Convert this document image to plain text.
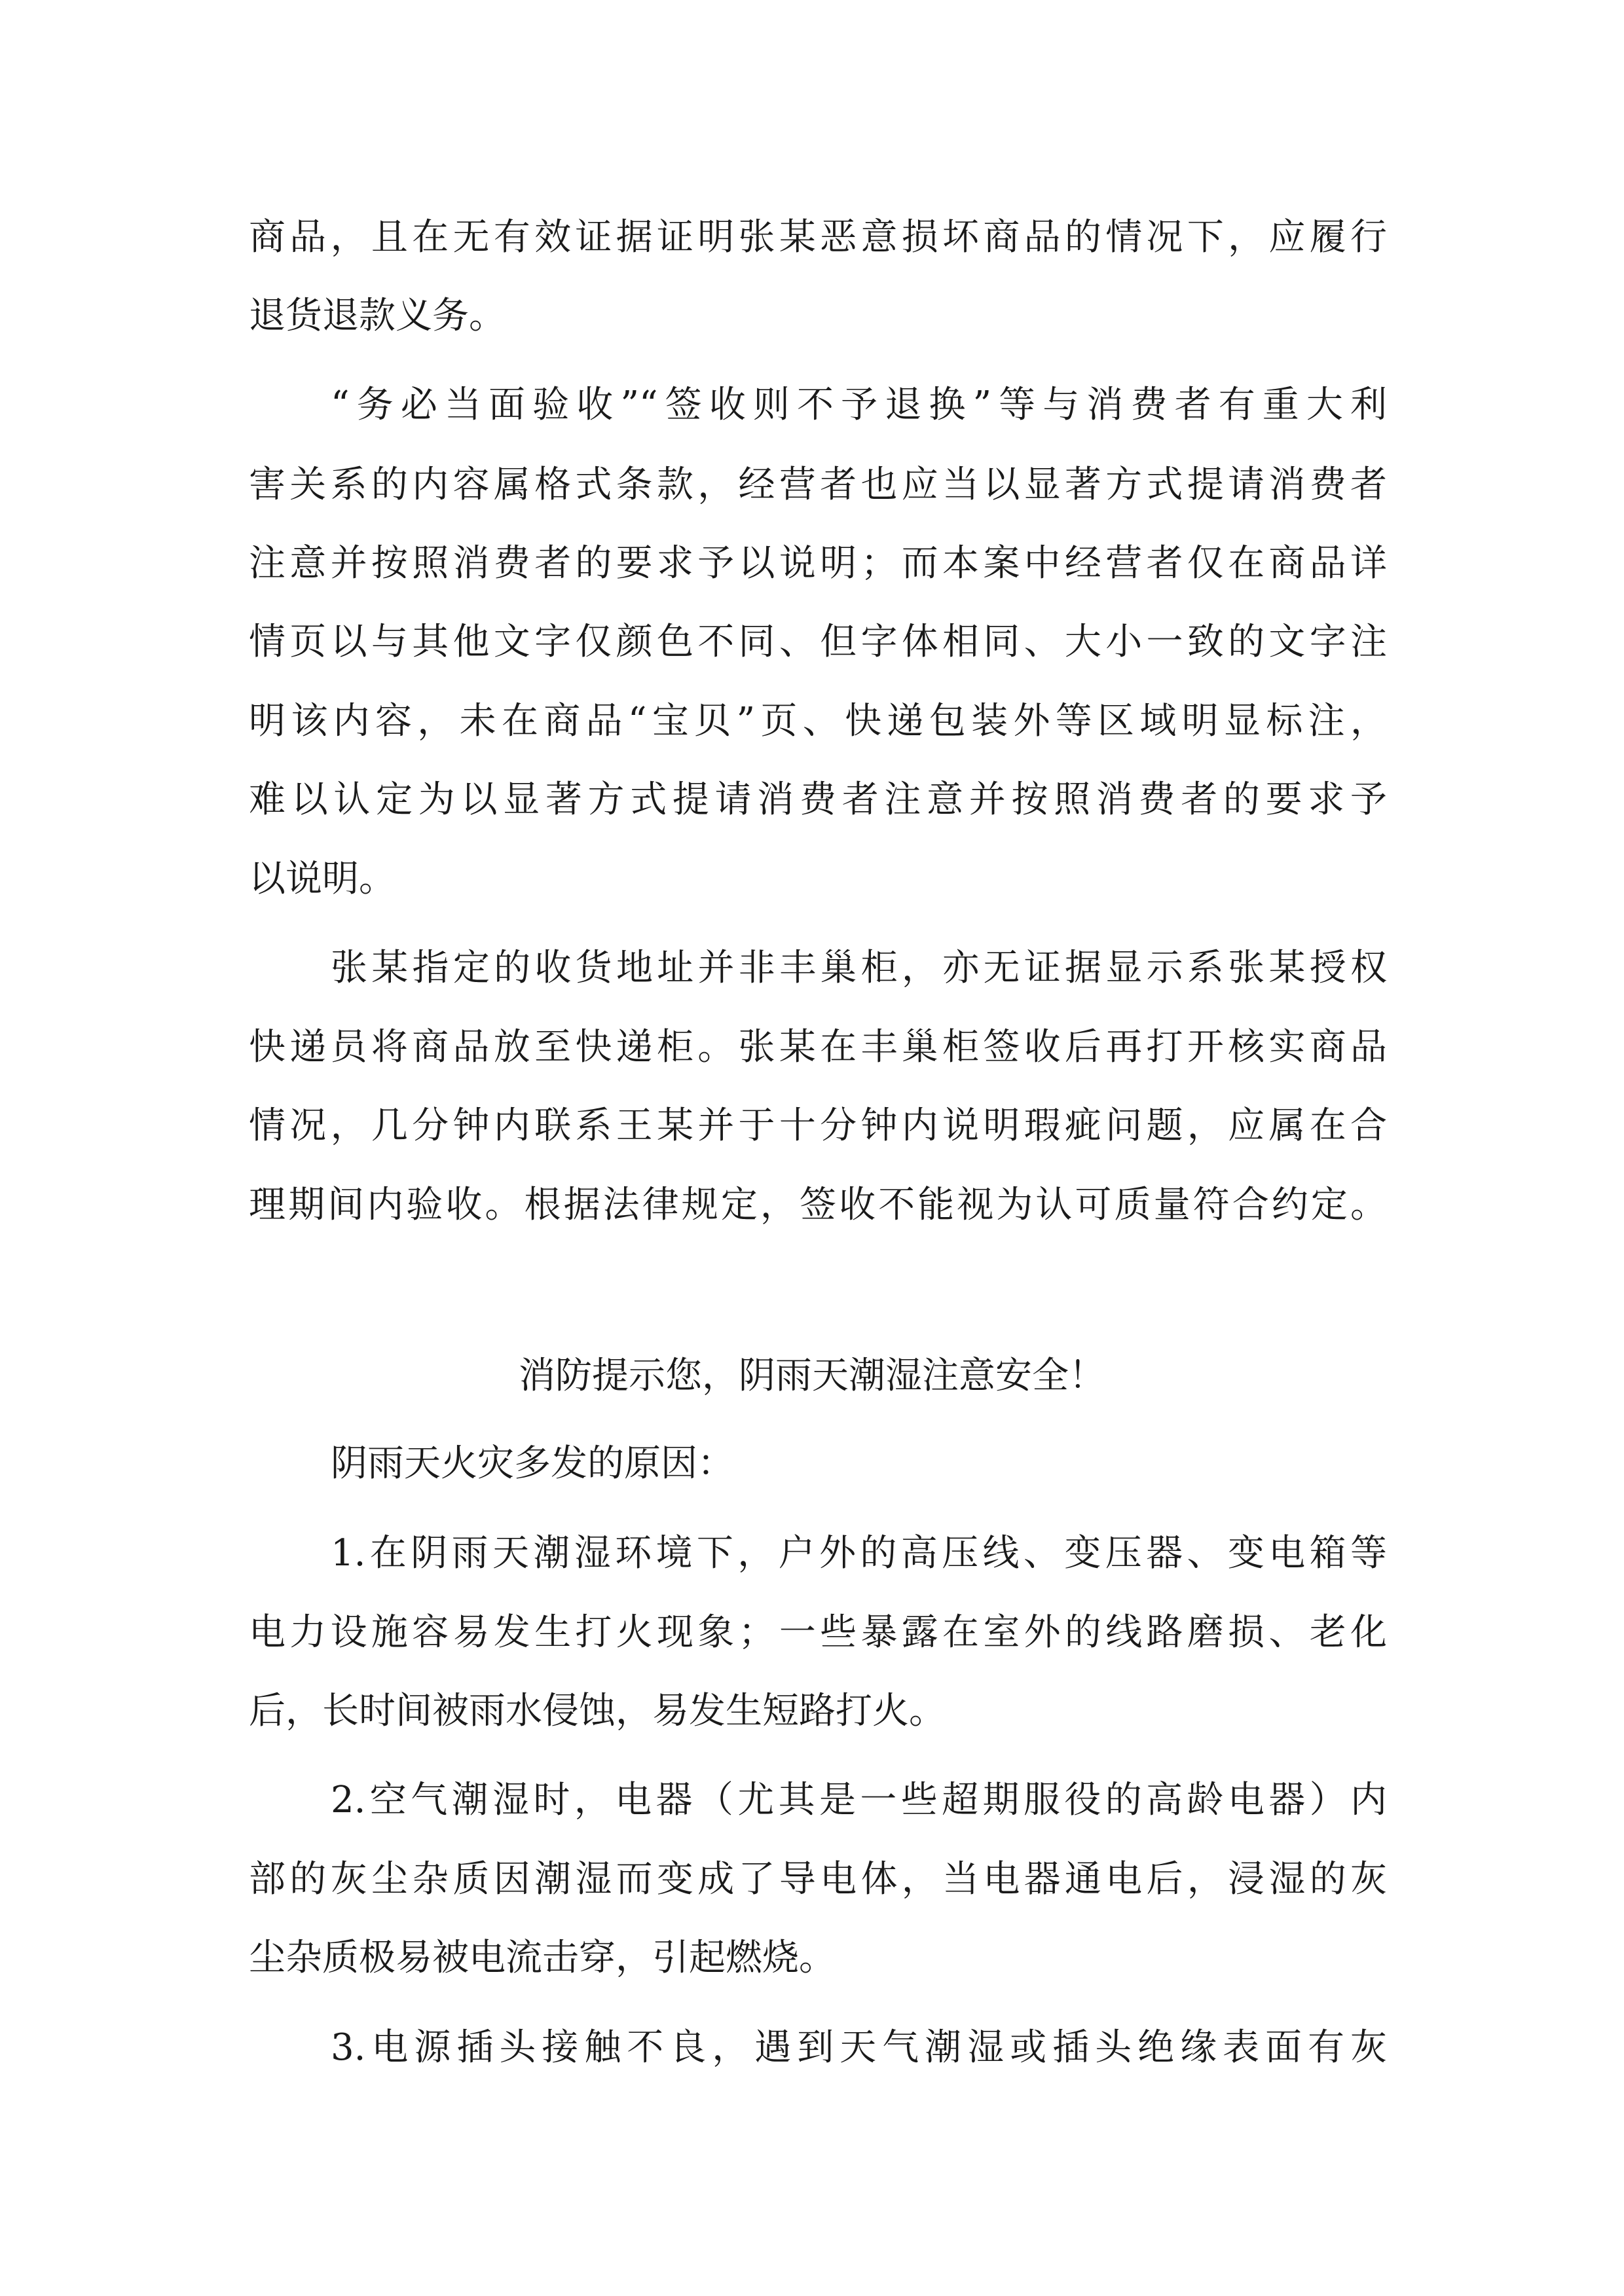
商品，且在无有效证据证明张某恶意损坏商品的情况下，应履行

退货退款义务。

“务必当面验收”“签收则不予退换”等与消费者有重大利

害关系的内容属格式条款，经营者也应当以显著方式提请消费者

注意并按照消费者的要求予以说明；而本案中经营者仅在商品详

情页以与其他文字仅颜色不同、但字体相同、大小一致的文字注

明该内容，未在商品“宝贝”页、快递包装外等区域明显标注，

难以认定为以显著方式提请消费者注意并按照消费者的要求予

以说明。

张某指定的收货地址并非丰巢柜，亦无证据显示系张某授权

快递员将商品放至快递柜。张某在丰巢柜签收后再打开核实商品

情况，几分钟内联系王某并于十分钟内说明瑕疵问题，应属在合

理期间内验收。根据法律规定，签收不能视为认可质量符合约定。

消防提示您，阴雨天潮湿注意安全！

阴雨天火灾多发的原因：

1.在阴雨天潮湿环境下，户外的高压线、变压器、变电箱等

电力设施容易发生打火现象；一些暴露在室外的线路磨损、老化

后，长时间被雨水侵蚀，易发生短路打火。

2.空气潮湿时，电器（尤其是一些超期服役的高龄电器）内

部的灰尘杂质因潮湿而变成了导电体，当电器通电后，浸湿的灰

尘杂质极易被电流击穿，引起燃烧。

3.电源插头接触不良，遇到天气潮湿或插头绝缘表面有灰
